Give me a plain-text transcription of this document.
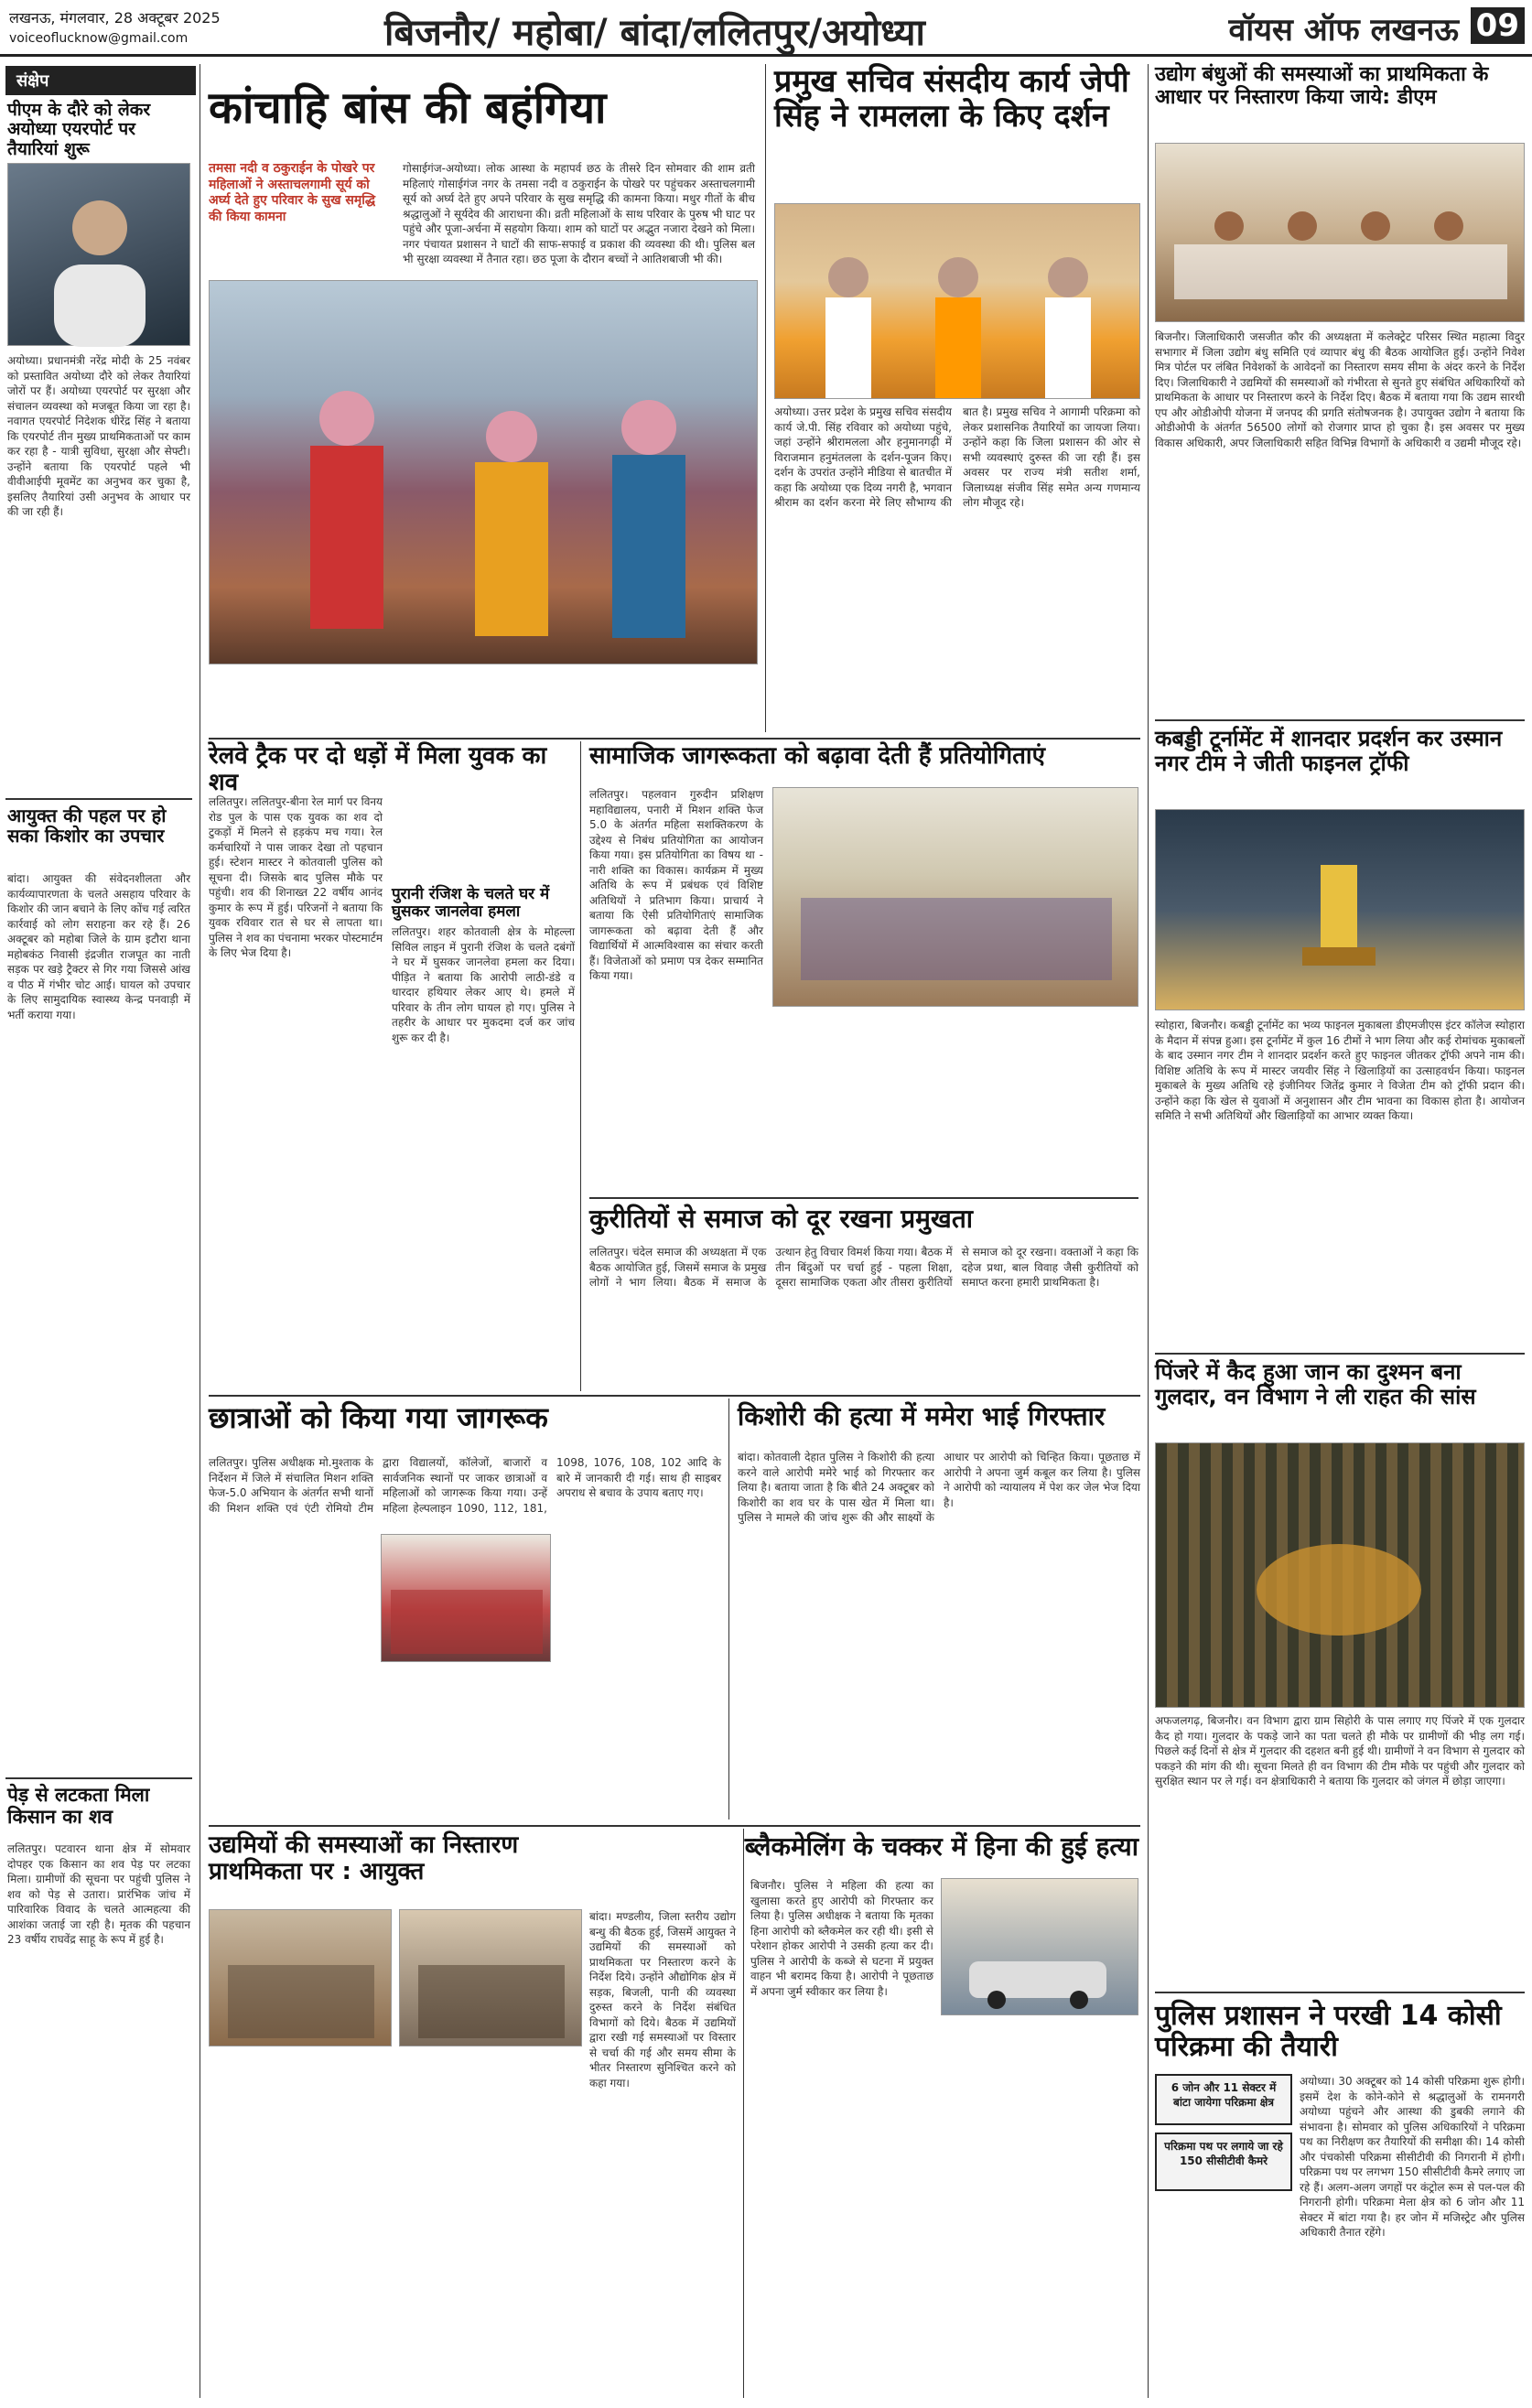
लखनऊ, मंगलवार, 28 अक्टूबर 2025
voiceoflucknow@gmail.com	बिजनौर/ महोबा/ बांदा/ललितपुर/अयोध्या	वॉयस ऑफ लखनऊ 09
संक्षेप
पीएम के दौरे को लेकर अयोध्या एयरपोर्ट पर तैयारियां शुरू
अयोध्या। प्रधानमंत्री नरेंद्र मोदी के 25 नवंबर को प्रस्तावित अयोध्या दौरे को लेकर तैयारियां जोरों पर हैं। अयोध्या एयरपोर्ट पर सुरक्षा और संचालन व्यवस्था को मजबूत किया जा रहा है। नवागत एयरपोर्ट निदेशक धीरेंद्र सिंह ने बताया कि एयरपोर्ट तीन मुख्य प्राथमिकताओं पर काम कर रहा है - यात्री सुविधा, सुरक्षा और सेफ्टी। उन्होंने बताया कि एयरपोर्ट पहले भी वीवीआईपी मूवमेंट का अनुभव कर चुका है, इसलिए तैयारियां उसी अनुभव के आधार पर की जा रही हैं।
आयुक्त की पहल पर हो सका किशोर का उपचार
बांदा। आयुक्त की संवेदनशीलता और कार्यव्यापारणता के चलते असहाय परिवार के किशोर की जान बचाने के लिए कोंच गई त्वरित कार्रवाई को लोग सराहना कर रहे हैं। 26 अक्टूबर को महोबा जिले के ग्राम इटौरा थाना महोबकंठ निवासी इंद्रजीत राजपूत का नाती सड़क पर खड़े ट्रैक्टर से गिर गया जिससे आंख व पीठ में गंभीर चोट आई। घायल को उपचार के लिए सामुदायिक स्वास्थ्य केन्द्र पनवाड़ी में भर्ती कराया गया।
पेड़ से लटकता मिला किसान का शव
ललितपुर। पटवारन थाना क्षेत्र में सोमवार दोपहर एक किसान का शव पेड़ पर लटका मिला। ग्रामीणों की सूचना पर पहुंची पुलिस ने शव को पेड़ से उतारा। प्रारंभिक जांच में पारिवारिक विवाद के चलते आत्महत्या की आशंका जताई जा रही है। मृतक की पहचान 23 वर्षीय राघवेंद्र साहू के रूप में हुई है।
कांचाहि बांस की बहंगिया
तमसा नदी व ठकुराईन के पोखरे पर महिलाओं ने अस्ताचलगामी सूर्य को अर्घ्य देते हुए परिवार के सुख समृद्धि की किया कामना
गोसाईगंज-अयोध्या। लोक आस्था के महापर्व छठ के तीसरे दिन सोमवार की शाम व्रती महिलाएं गोसाईगंज नगर के तमसा नदी व ठकुराईन के पोखरे पर पहुंचकर अस्ताचलगामी सूर्य को अर्घ्य देते हुए अपने परिवार के सुख समृद्धि की कामना किया। मधुर गीतों के बीच श्रद्धालुओं ने सूर्यदेव की आराधना की। व्रती महिलाओं के साथ परिवार के पुरुष भी घाट पर पहुंचे और पूजा-अर्चना में सहयोग किया। शाम को घाटों पर अद्भुत नजारा देखने को मिला। नगर पंचायत प्रशासन ने घाटों की साफ-सफाई व प्रकाश की व्यवस्था की थी। पुलिस बल भी सुरक्षा व्यवस्था में तैनात रहा। छठ पूजा के दौरान बच्चों ने आतिशबाजी भी की।
प्रमुख सचिव संसदीय कार्य जेपी सिंह ने रामलला के किए दर्शन
अयोध्या। उत्तर प्रदेश के प्रमुख सचिव संसदीय कार्य जे.पी. सिंह रविवार को अयोध्या पहुंचे, जहां उन्होंने श्रीरामलला और हनुमानगढ़ी में विराजमान हनुमंतलला के दर्शन-पूजन किए। दर्शन के उपरांत उन्होंने मीडिया से बातचीत में कहा कि अयोध्या एक दिव्य नगरी है, भगवान श्रीराम का दर्शन करना मेरे लिए सौभाग्य की बात है। प्रमुख सचिव ने आगामी परिक्रमा को लेकर प्रशासनिक तैयारियों का जायजा लिया। उन्होंने कहा कि जिला प्रशासन की ओर से सभी व्यवस्थाएं दुरुस्त की जा रही हैं। इस अवसर पर राज्य मंत्री सतीश शर्मा, जिलाध्यक्ष संजीव सिंह समेत अन्य गणमान्य लोग मौजूद रहे।
उद्योग बंधुओं की समस्याओं का प्राथमिकता के आधार पर निस्तारण किया जाये: डीएम
बिजनौर। जिलाधिकारी जसजीत कौर की अध्यक्षता में कलेक्ट्रेट परिसर स्थित महात्मा विदुर सभागार में जिला उद्योग बंधु समिति एवं व्यापार बंधु की बैठक आयोजित हुई। उन्होंने निवेश मित्र पोर्टल पर लंबित निवेशकों के आवेदनों का निस्तारण समय सीमा के अंदर करने के निर्देश दिए। जिलाधिकारी ने उद्यमियों की समस्याओं को गंभीरता से सुनते हुए संबंधित अधिकारियों को प्राथमिकता के आधार पर निस्तारण करने के निर्देश दिए। बैठक में बताया गया कि उद्यम सारथी एप और ओडीओपी योजना में जनपद की प्रगति संतोषजनक है। उपायुक्त उद्योग ने बताया कि ओडीओपी के अंतर्गत 56500 लोगों को रोजगार प्राप्त हो चुका है। इस अवसर पर मुख्य विकास अधिकारी, अपर जिलाधिकारी सहित विभिन्न विभागों के अधिकारी व उद्यमी मौजूद रहे।
कबड्डी टूर्नामेंट में शानदार प्रदर्शन कर उस्मान नगर टीम ने जीती फाइनल ट्रॉफी
स्योहारा, बिजनौर। कबड्डी टूर्नामेंट का भव्य फाइनल मुकाबला डीएमजीएस इंटर कॉलेज स्योहारा के मैदान में संपन्न हुआ। इस टूर्नामेंट में कुल 16 टीमों ने भाग लिया और कई रोमांचक मुकाबलों के बाद उस्मान नगर टीम ने शानदार प्रदर्शन करते हुए फाइनल जीतकर ट्रॉफी अपने नाम की। विशिष्ट अतिथि के रूप में मास्टर जयवीर सिंह ने खिलाड़ियों का उत्साहवर्धन किया। फाइनल मुकाबले के मुख्य अतिथि रहे इंजीनियर जितेंद्र कुमार ने विजेता टीम को ट्रॉफी प्रदान की। उन्होंने कहा कि खेल से युवाओं में अनुशासन और टीम भावना का विकास होता है। आयोजन समिति ने सभी अतिथियों और खिलाड़ियों का आभार व्यक्त किया।
पिंजरे में कैद हुआ जान का दुश्मन बना गुलदार, वन विभाग ने ली राहत की सांस
अफजलगढ़, बिजनौर। वन विभाग द्वारा ग्राम सिहोरी के पास लगाए गए पिंजरे में एक गुलदार कैद हो गया। गुलदार के पकड़े जाने का पता चलते ही मौके पर ग्रामीणों की भीड़ लग गई। पिछले कई दिनों से क्षेत्र में गुलदार की दहशत बनी हुई थी। ग्रामीणों ने वन विभाग से गुलदार को पकड़ने की मांग की थी। सूचना मिलते ही वन विभाग की टीम मौके पर पहुंची और गुलदार को सुरक्षित स्थान पर ले गई। वन क्षेत्राधिकारी ने बताया कि गुलदार को जंगल में छोड़ा जाएगा।
पुलिस प्रशासन ने परखी 14 कोसी परिक्रमा की तैयारी
6 जोन और 11 सेक्टर में बांटा जायेगा परिक्रमा क्षेत्र
परिक्रमा पथ पर लगाये जा रहे 150 सीसीटीवी कैमरे
अयोध्या। 30 अक्टूबर को 14 कोसी परिक्रमा शुरू होगी। इसमें देश के कोने-कोने से श्रद्धालुओं के रामनगरी अयोध्या पहुंचने और आस्था की डुबकी लगाने की संभावना है। सोमवार को पुलिस अधिकारियों ने परिक्रमा पथ का निरीक्षण कर तैयारियों की समीक्षा की। 14 कोसी और पंचकोसी परिक्रमा सीसीटीवी की निगरानी में होगी। परिक्रमा पथ पर लगभग 150 सीसीटीवी कैमरे लगाए जा रहे हैं। अलग-अलग जगहों पर कंट्रोल रूम से पल-पल की निगरानी होगी। परिक्रमा मेला क्षेत्र को 6 जोन और 11 सेक्टर में बांटा गया है। हर जोन में मजिस्ट्रेट और पुलिस अधिकारी तैनात रहेंगे।
रेलवे ट्रैक पर दो धड़ों में मिला युवक का शव
ललितपुर। ललितपुर-बीना रेल मार्ग पर विनय रोड पुल के पास एक युवक का शव दो टुकड़ों में मिलने से हड़कंप मच गया। रेल कर्मचारियों ने पास जाकर देखा तो पहचान हुई। स्टेशन मास्टर ने कोतवाली पुलिस को सूचना दी। जिसके बाद पुलिस मौके पर पहुंची। शव की शिनाख्त 22 वर्षीय आनंद कुमार के रूप में हुई। परिजनों ने बताया कि युवक रविवार रात से घर से लापता था। पुलिस ने शव का पंचनामा भरकर पोस्टमार्टम के लिए भेज दिया है।
पुरानी रंजिश के चलते घर में घुसकर जानलेवा हमला
ललितपुर। शहर कोतवाली क्षेत्र के मोहल्ला सिविल लाइन में पुरानी रंजिश के चलते दबंगों ने घर में घुसकर जानलेवा हमला कर दिया। पीड़ित ने बताया कि आरोपी लाठी-डंडे व धारदार हथियार लेकर आए थे। हमले में परिवार के तीन लोग घायल हो गए। पुलिस ने तहरीर के आधार पर मुकदमा दर्ज कर जांच शुरू कर दी है।
सामाजिक जागरूकता को बढ़ावा देती हैं प्रतियोगिताएं
ललितपुर। पहलवान गुरुदीन प्रशिक्षण महाविद्यालय, पनारी में मिशन शक्ति फेज 5.0 के अंतर्गत महिला सशक्तिकरण के उद्देश्य से निबंध प्रतियोगिता का आयोजन किया गया। इस प्रतियोगिता का विषय था - नारी शक्ति का विकास। कार्यक्रम में मुख्य अतिथि के रूप में प्रबंधक एवं विशिष्ट अतिथियों ने प्रतिभाग किया। प्राचार्य ने बताया कि ऐसी प्रतियोगिताएं सामाजिक जागरूकता को बढ़ावा देती हैं और विद्यार्थियों में आत्मविश्वास का संचार करती हैं। विजेताओं को प्रमाण पत्र देकर सम्मानित किया गया।
कुरीतियों से समाज को दूर रखना प्रमुखता
ललितपुर। चंदेल समाज की अध्यक्षता में एक बैठक आयोजित हुई, जिसमें समाज के प्रमुख लोगों ने भाग लिया। बैठक में समाज के उत्थान हेतु विचार विमर्श किया गया। बैठक में तीन बिंदुओं पर चर्चा हुई - पहला शिक्षा, दूसरा सामाजिक एकता और तीसरा कुरीतियों से समाज को दूर रखना। वक्ताओं ने कहा कि दहेज प्रथा, बाल विवाह जैसी कुरीतियों को समाप्त करना हमारी प्राथमिकता है।
छात्राओं को किया गया जागरूक
ललितपुर। पुलिस अधीक्षक मो.मुश्ताक के निर्देशन में जिले में संचालित मिशन शक्ति फेज-5.0 अभियान के अंतर्गत सभी थानों की मिशन शक्ति एवं एंटी रोमियो टीम द्वारा विद्यालयों, कॉलेजों, बाजारों व सार्वजनिक स्थानों पर जाकर छात्राओं व महिलाओं को जागरूक किया गया। उन्हें महिला हेल्पलाइन 1090, 112, 181, 1098, 1076, 108, 102 आदि के बारे में जानकारी दी गई। साथ ही साइबर अपराध से बचाव के उपाय बताए गए।
किशोरी की हत्या में ममेरा भाई गिरफ्तार
बांदा। कोतवाली देहात पुलिस ने किशोरी की हत्या करने वाले आरोपी ममेरे भाई को गिरफ्तार कर लिया है। बताया जाता है कि बीते 24 अक्टूबर को किशोरी का शव घर के पास खेत में मिला था। पुलिस ने मामले की जांच शुरू की और साक्ष्यों के आधार पर आरोपी को चिन्हित किया। पूछताछ में आरोपी ने अपना जुर्म कबूल कर लिया है। पुलिस ने आरोपी को न्यायालय में पेश कर जेल भेज दिया है।
उद्यमियों की समस्याओं का निस्तारण प्राथमिकता पर : आयुक्त
बांदा। मण्डलीय, जिला स्तरीय उद्योग बन्धु की बैठक हुई, जिसमें आयुक्त ने उद्यमियों की समस्याओं को प्राथमिकता पर निस्तारण करने के निर्देश दिये। उन्होंने औद्योगिक क्षेत्र में सड़क, बिजली, पानी की व्यवस्था दुरुस्त करने के निर्देश संबंधित विभागों को दिये। बैठक में उद्यमियों द्वारा रखी गई समस्याओं पर विस्तार से चर्चा की गई और समय सीमा के भीतर निस्तारण सुनिश्चित करने को कहा गया।
ब्लैकमेलिंग के चक्कर में हिना की हुई हत्या
बिजनौर। पुलिस ने महिला की हत्या का खुलासा करते हुए आरोपी को गिरफ्तार कर लिया है। पुलिस अधीक्षक ने बताया कि मृतका हिना आरोपी को ब्लैकमेल कर रही थी। इसी से परेशान होकर आरोपी ने उसकी हत्या कर दी। पुलिस ने आरोपी के कब्जे से घटना में प्रयुक्त वाहन भी बरामद किया है। आरोपी ने पूछताछ में अपना जुर्म स्वीकार कर लिया है।
